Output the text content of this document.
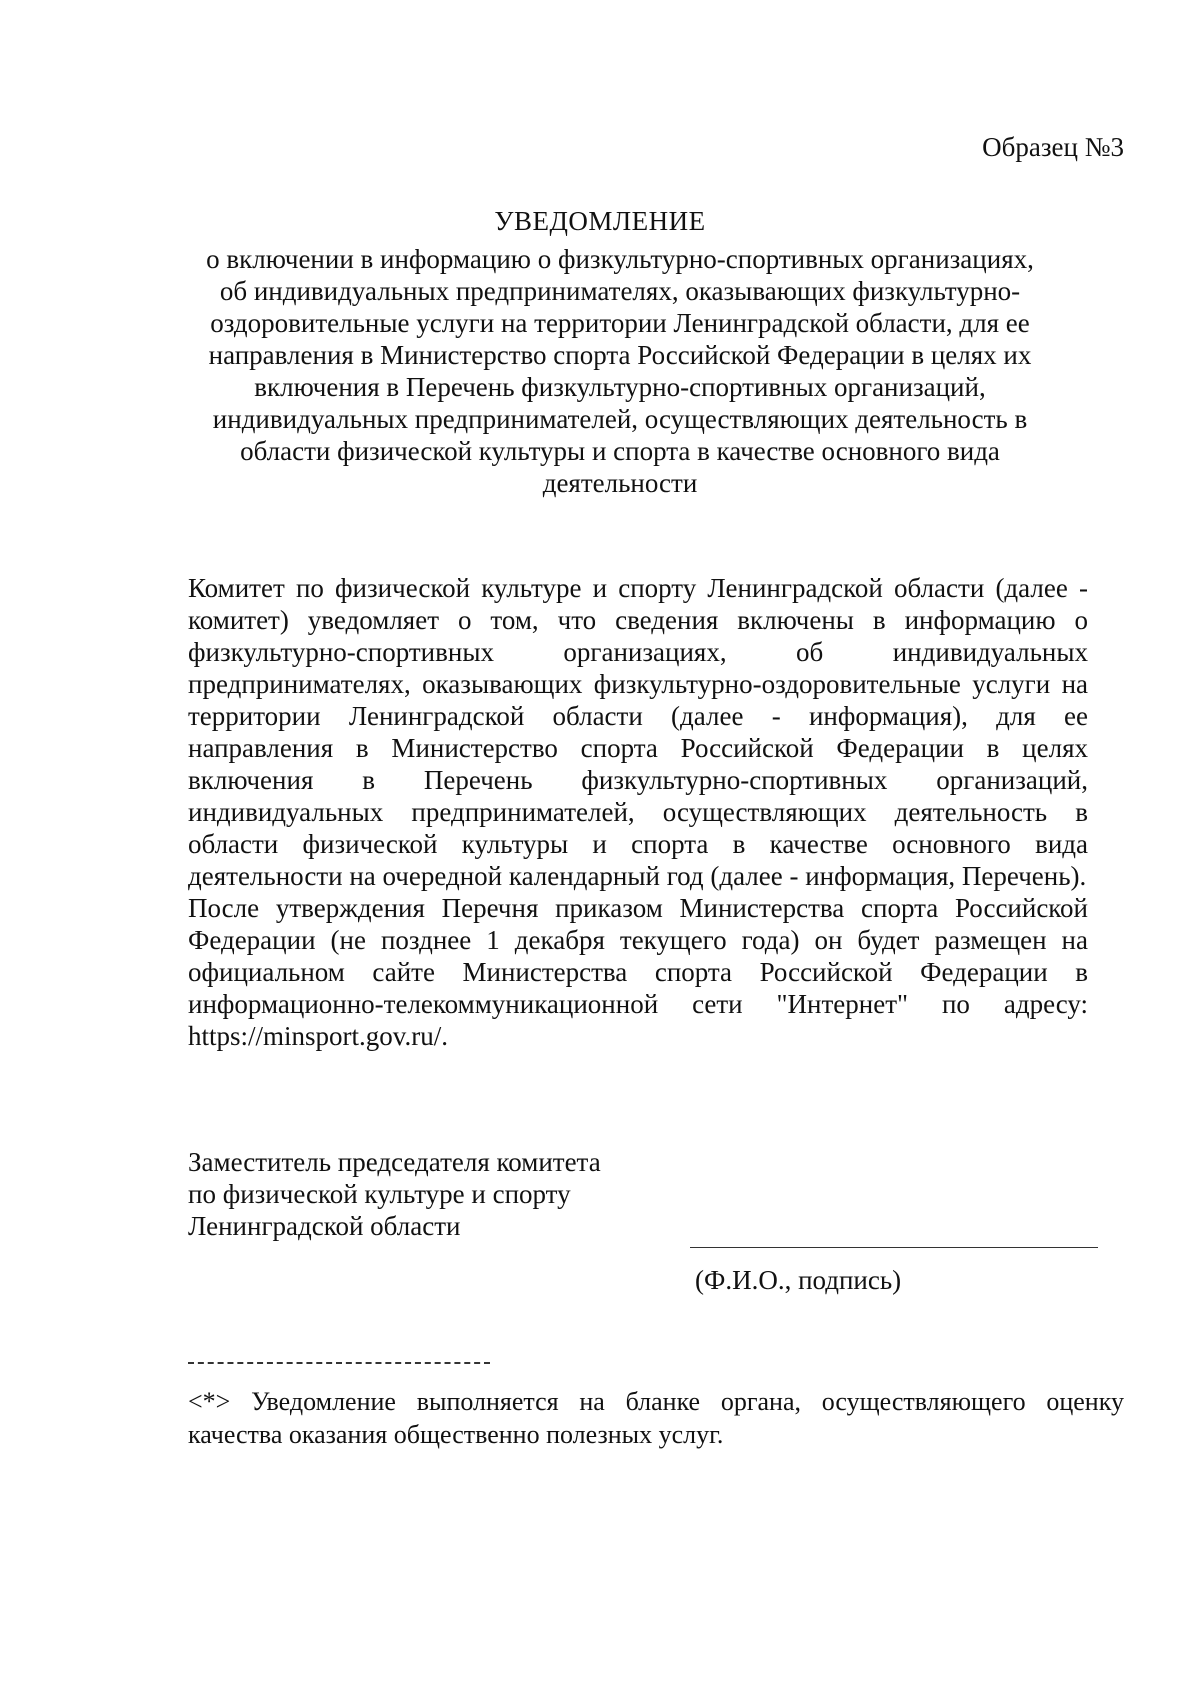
Образец №3

УВЕДОМЛЕНИЕ

о включении в информацию о физкультурно-спортивных организациях, об индивидуальных предпринимателях, оказывающих физкультурно-оздоровительные услуги на территории Ленинградской области, для ее направления в Министерство спорта Российской Федерации в целях их включения в Перечень физкультурно-спортивных организаций, индивидуальных предпринимателей, осуществляющих деятельность в области физической культуры и спорта в качестве основного вида деятельности

Комитет по физической культуре и спорту Ленинградской области (далее - комитет) уведомляет о том, что сведения включены в информацию о физкультурно-спортивных организациях, об индивидуальных предпринимателях, оказывающих физкультурно-оздоровительные услуги на территории Ленинградской области (далее - информация), для ее направления в Министерство спорта Российской Федерации в целях включения в Перечень физкультурно-спортивных организаций, индивидуальных предпринимателей, осуществляющих деятельность в области физической культуры и спорта в качестве основного вида деятельности на очередной календарный год (далее - информация, Перечень).

После утверждения Перечня приказом Министерства спорта Российской Федерации (не позднее 1 декабря текущего года) он будет размещен на официальном сайте Министерства спорта Российской Федерации в информационно-телекоммуникационной сети "Интернет" по адресу: https://minsport.gov.ru/.

Заместитель председателя комитета
по физической культуре и спорту
Ленинградской области

(Ф.И.О., подпись)

<*> Уведомление выполняется на бланке органа, осуществляющего оценку качества оказания общественно полезных услуг.
